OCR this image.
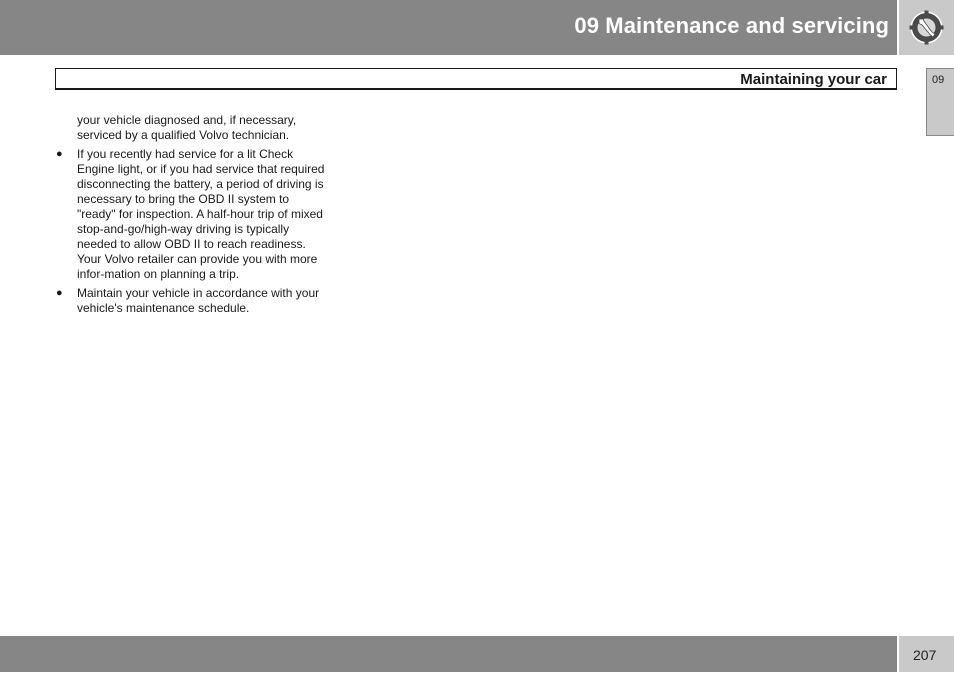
09 Maintenance and servicing
Maintaining your car	09

your vehicle diagnosed and, if necessary, serviced by a qualified Volvo technician.

● If you recently had service for a lit Check Engine light, or if you had service that required disconnecting the battery, a period of driving is necessary to bring the OBD II system to "ready" for inspection. A half-hour trip of mixed stop-and-go/high-way driving is typically needed to allow OBD II to reach readiness. Your Volvo retailer can provide you with more infor-mation on planning a trip.
● Maintain your vehicle in accordance with your vehicle's maintenance schedule.
207
